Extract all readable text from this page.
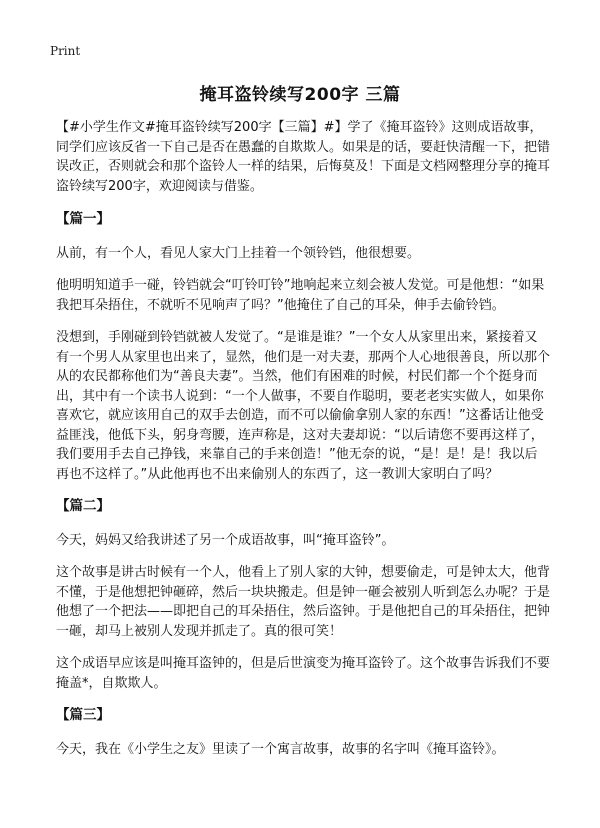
Print
掩耳盗铃续写200字 三篇

【#小学生作文#掩耳盗铃续写200字【三篇】#】学了《掩耳盗铃》这则成语故事，同学们应该反省一下自己是否在愚蠢的自欺欺人。如果是的话，要赶快清醒一下，把错误改正，否则就会和那个盗铃人一样的结果，后悔莫及！下面是文档网整理分享的掩耳盗铃续写200字，欢迎阅读与借鉴。

【篇一】

从前，有一个人，看见人家大门上挂着一个领铃铛，他很想要。

他明明知道手一碰，铃铛就会“叮铃叮铃”地响起来立刻会被人发觉。可是他想：“如果我把耳朵捂住，不就听不见响声了吗？”他掩住了自己的耳朵，伸手去偷铃铛。

没想到，手刚碰到铃铛就被人发觉了。“是谁是谁？”一个女人从家里出来，紧接着又有一个男人从家里也出来了，显然，他们是一对夫妻，那两个人心地很善良，所以那个从的农民都称他们为“善良夫妻”。当然，他们有困难的时候，村民们都一个个挺身而出，其中有一个读书人说到：“一个人做事，不要自作聪明，要老老实实做人，如果你喜欢它，就应该用自己的双手去创造，而不可以偷偷拿别人家的东西！”这番话让他受益匪浅，他低下头，躬身弯腰，连声称是，这对夫妻却说：“以后请您不要再这样了，我们要用手去自己挣钱，来靠自己的手来创造！”他无奈的说，“是！是！是！我以后再也不这样了。”从此他再也不出来偷别人的东西了，这一教训大家明白了吗？

【篇二】

今天，妈妈又给我讲述了另一个成语故事，叫“掩耳盗铃”。

这个故事是讲古时候有一个人，他看上了别人家的大钟，想要偷走，可是钟太大，他背不懂，于是他想把钟砸碎，然后一块块搬走。但是钟一砸会被别人听到怎么办呢？于是他想了一个把法——即把自己的耳朵捂住，然后盗钟。于是他把自己的耳朵捂住，把钟一砸，却马上被别人发现并抓走了。真的很可笑！

这个成语早应该是叫掩耳盗钟的，但是后世演变为掩耳盗铃了。这个故事告诉我们不要掩盖*，自欺欺人。

【篇三】

今天，我在《小学生之友》里读了一个寓言故事，故事的名字叫《掩耳盗铃》。
